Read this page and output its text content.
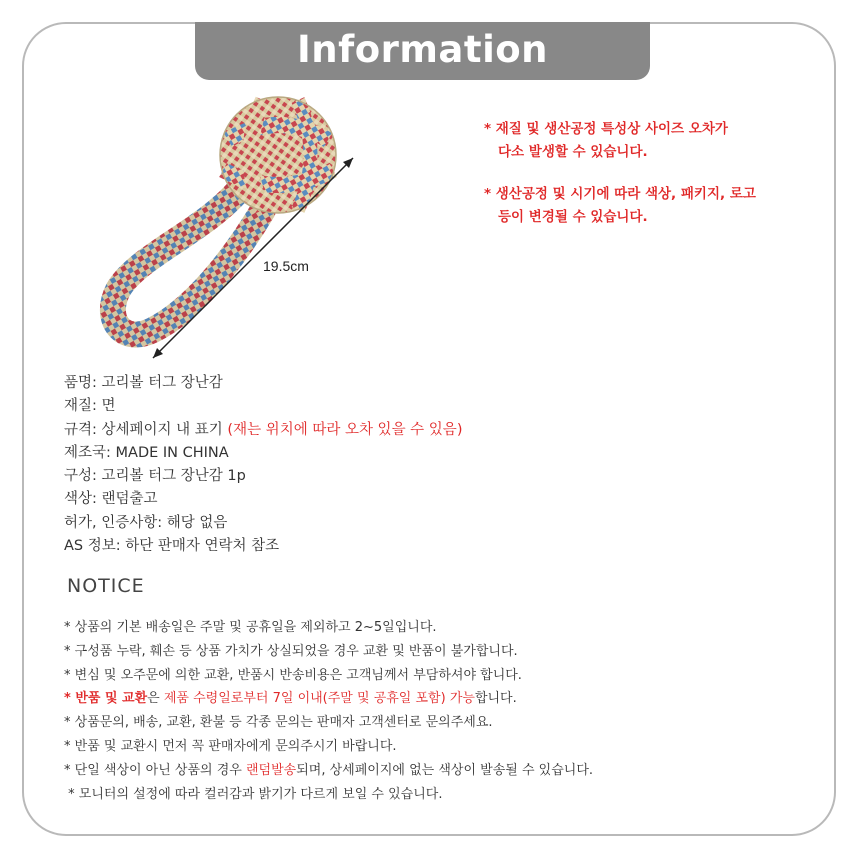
Information
19.5cm
* 재질 및 생산공정 특성상 사이즈 오차가
다소 발생할 수 있습니다.
* 생산공정 및 시기에 따라 색상, 패키지, 로고
등이 변경될 수 있습니다.
품명: 고리볼 터그 장난감
재질: 면
규격: 상세페이지 내 표기 (재는 위치에 따라 오차 있을 수 있음)
제조국: MADE IN CHINA
구성: 고리볼 터그 장난감 1p
색상: 랜덤출고
허가, 인증사항: 해당 없음
AS 정보: 하단 판매자 연락처 참조
NOTICE
* 상품의 기본 배송일은 주말 및 공휴일을 제외하고 2~5일입니다.
* 구성품 누락, 훼손 등 상품 가치가 상실되었을 경우 교환 및 반품이 불가합니다.
* 변심 및 오주문에 의한 교환, 반품시 반송비용은 고객님께서 부담하셔야 합니다.
* 반품 및 교환은 제품 수령일로부터 7일 이내(주말 및 공휴일 포함) 가능합니다.
* 상품문의, 배송, 교환, 환불 등 각종 문의는 판매자 고객센터로 문의주세요.
* 반품 및 교환시 먼저 꼭 판매자에게 문의주시기 바랍니다.
* 단일 색상이 아닌 상품의 경우 랜덤발송되며, 상세페이지에 없는 색상이 발송될 수 있습니다.
* 모니터의 설정에 따라 컬러감과 밝기가 다르게 보일 수 있습니다.
